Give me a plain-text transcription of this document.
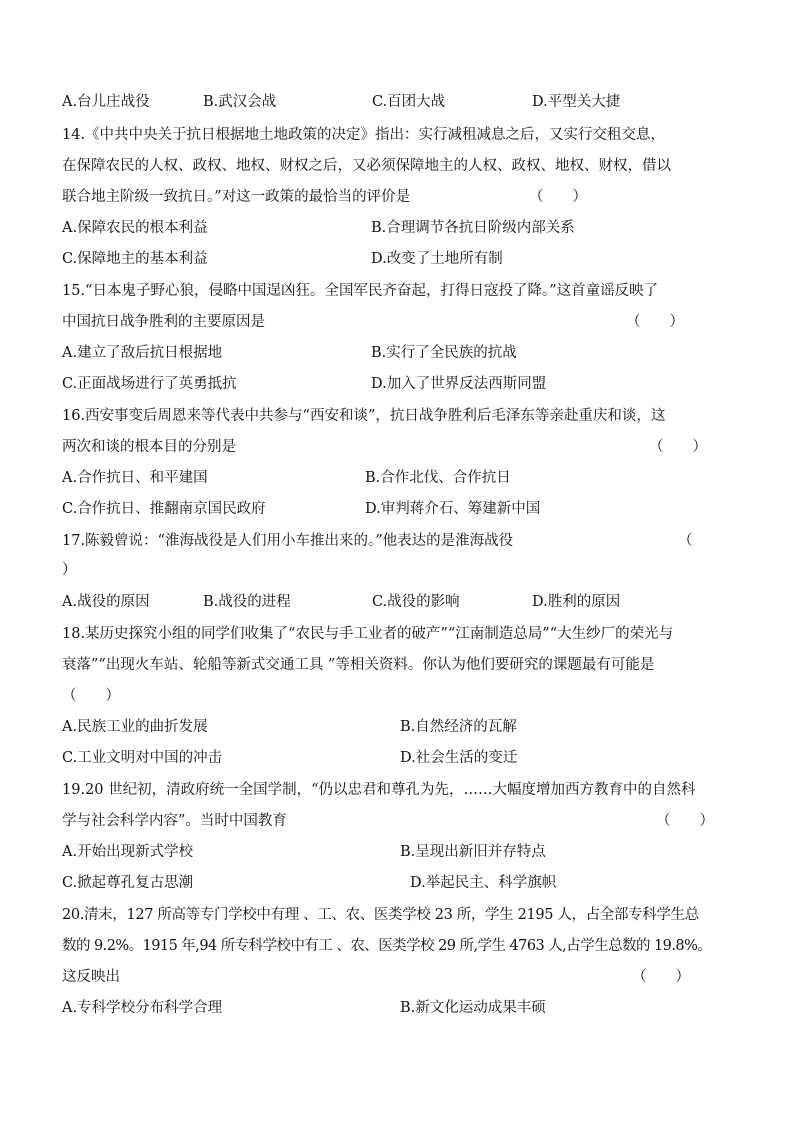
A.台儿庄战役	B.武汉会战	C.百团大战	D.平型关大捷
14.《中共中央关于抗日根据地土地政策的决定》指出：实行减租减息之后，又实行交租交息，
在保障农民的人权、政权、地权、财权之后，又必须保障地主的人权、政权、地权、财权，借以
联合地主阶级一致抗日。”对这一政策的最恰当的评价是	（　　）
A.保障农民的根本利益	B.合理调节各抗日阶级内部关系
C.保障地主的基本利益	D.改变了土地所有制
15.“日本鬼子野心狼，侵略中国逞凶狂。全国军民齐奋起，打得日寇投了降。”这首童谣反映了
中国抗日战争胜利的主要原因是	（　　）
A.建立了敌后抗日根据地	B.实行了全民族的抗战
C.正面战场进行了英勇抵抗	D.加入了世界反法西斯同盟
16.西安事变后周恩来等代表中共参与“西安和谈”，抗日战争胜利后毛泽东等亲赴重庆和谈，这
两次和谈的根本目的分别是	（　　）
A.合作抗日、和平建国	B.合作北伐、合作抗日
C.合作抗日、推翻南京国民政府	D.审判蒋介石、筹建新中国
17.陈毅曾说：“淮海战役是人们用小车推出来的。”他表达的是淮海战役	（
）
A.战役的原因	B.战役的进程	C.战役的影响	D.胜利的原因
18.某历史探究小组的同学们收集了“农民与手工业者的破产”“江南制造总局”“大生纱厂的荣光与
衰落”“出现火车站、轮船等新式交通工具 ”等相关资料。你认为他们要研究的课题最有可能是
（　　）
A.民族工业的曲折发展	B.自然经济的瓦解
C.工业文明对中国的冲击	D.社会生活的变迁
19.20 世纪初，清政府统一全国学制，“仍以忠君和尊孔为先，……大幅度增加西方教育中的自然科
学与社会科学内容”。当时中国教育	（　　）
A.开始出现新式学校	B.呈现出新旧并存特点
C.掀起尊孔复古思潮	D.举起民主、科学旗帜
20.清末，127 所高等专门学校中有理 、工、农、医类学校 23 所，学生 2195 人，占全部专科学生总
数的 9.2%。1915 年,94 所专科学校中有工 、农、医类学校 29 所,学生 4763 人,占学生总数的 19.8%。
这反映出	（　　）
A.专科学校分布科学合理	B.新文化运动成果丰硕
